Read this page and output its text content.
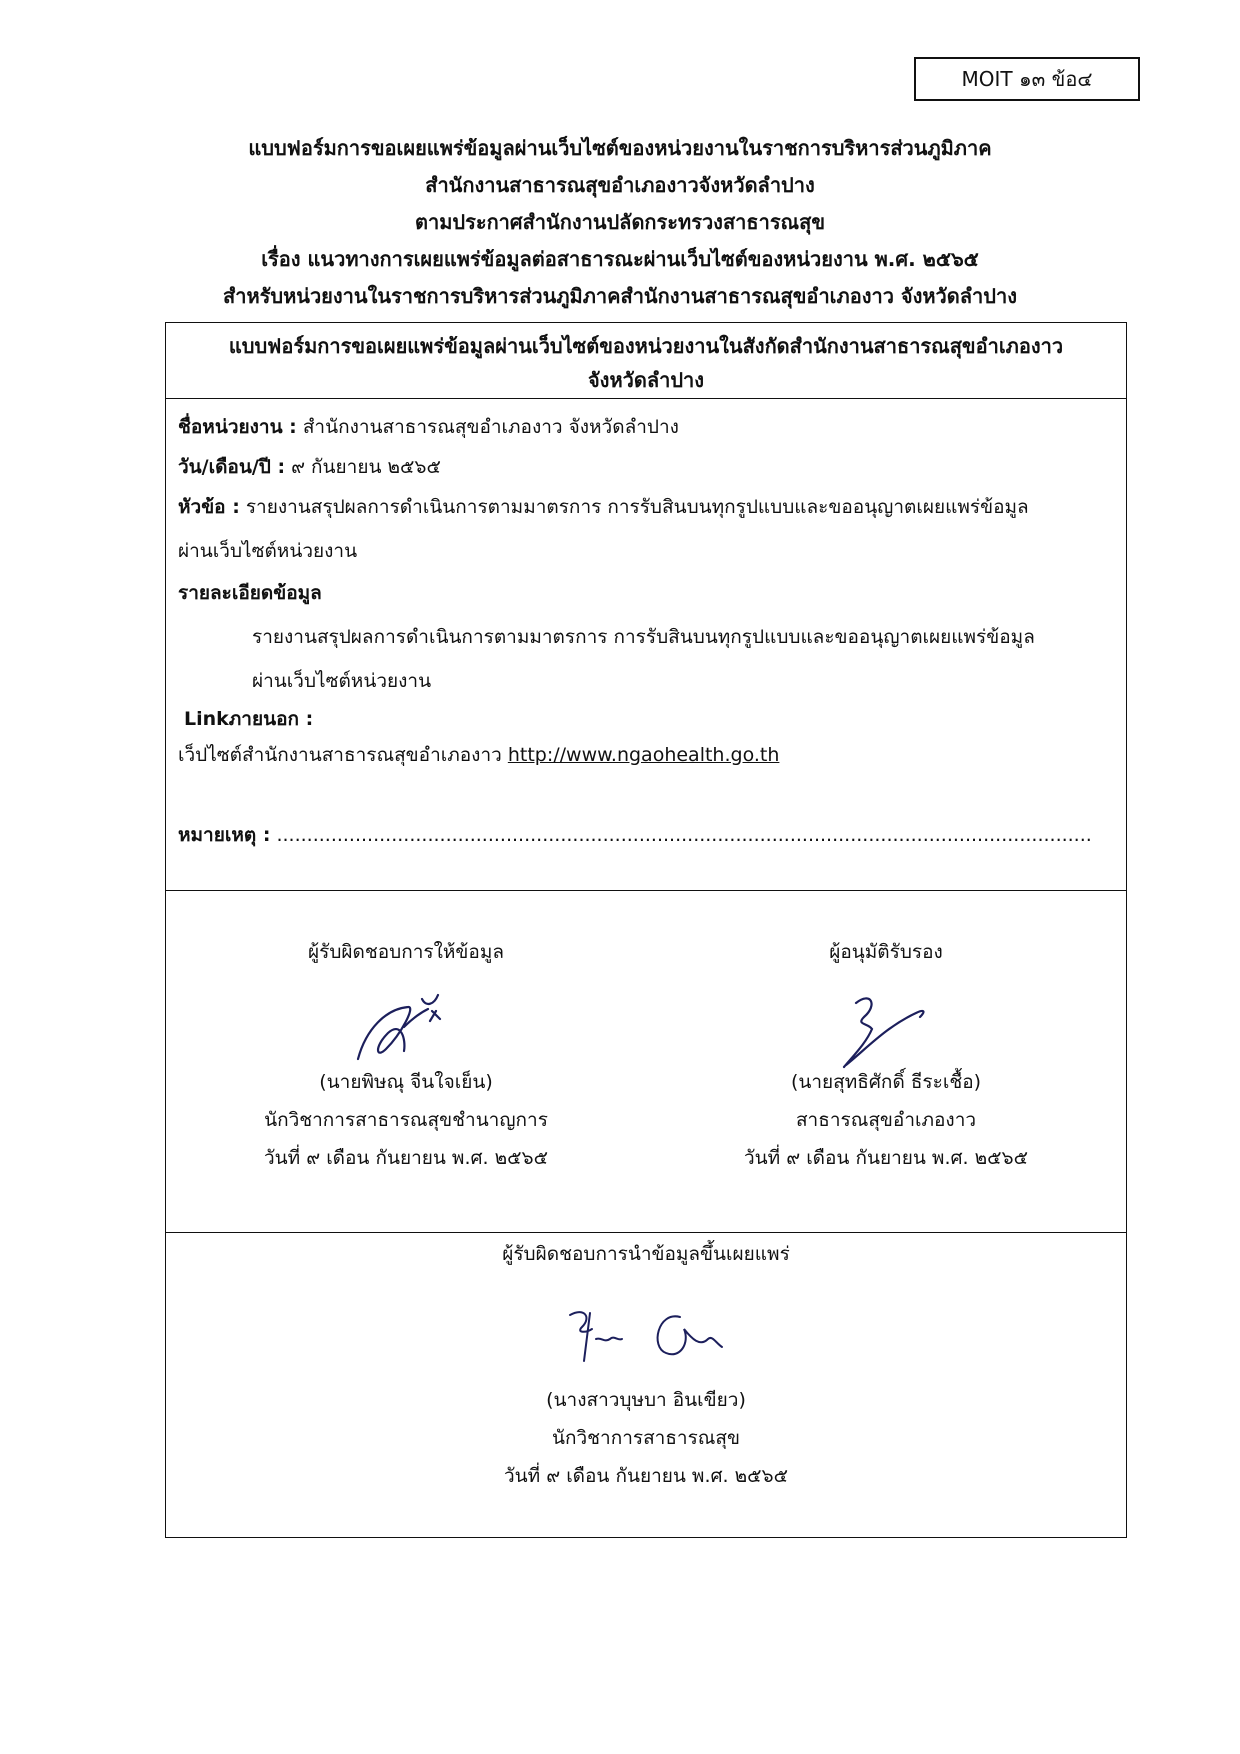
MOIT ๑๓ ข้อ๔
แบบฟอร์มการขอเผยแพร่ข้อมูลผ่านเว็บไซต์ของหน่วยงานในราชการบริหารส่วนภูมิภาค
สำนักงานสาธารณสุขอำเภองาวจังหวัดลำปาง
ตามประกาศสำนักงานปลัดกระทรวงสาธารณสุข
เรื่อง แนวทางการเผยแพร่ข้อมูลต่อสาธารณะผ่านเว็บไซต์ของหน่วยงาน พ.ศ. ๒๕๖๕
สำหรับหน่วยงานในราชการบริหารส่วนภูมิภาคสำนักงานสาธารณสุขอำเภองาว จังหวัดลำปาง
แบบฟอร์มการขอเผยแพร่ข้อมูลผ่านเว็บไซต์ของหน่วยงานในสังกัดสำนักงานสาธารณสุขอำเภองาว
จังหวัดลำปาง
ชื่อหน่วยงาน : สำนักงานสาธารณสุขอำเภองาว จังหวัดลำปาง
วัน/เดือน/ปี : ๙ กันยายน ๒๕๖๕
หัวข้อ : รายงานสรุปผลการดำเนินการตามมาตรการ การรับสินบนทุกรูปแบบและขออนุญาตเผยแพร่ข้อมูล
ผ่านเว็บไซต์หน่วยงาน
รายละเอียดข้อมูล
รายงานสรุปผลการดำเนินการตามมาตรการ การรับสินบนทุกรูปแบบและขออนุญาตเผยแพร่ข้อมูล
ผ่านเว็บไซต์หน่วยงาน
Linkภายนอก :
เว็ปไซต์สำนักงานสาธารณสุขอำเภองาว http://www.ngaohealth.go.th
หมายเหตุ : .......................................................................................................................................
ผู้รับผิดชอบการให้ข้อมูล
(นายพิษณุ จีนใจเย็น)
นักวิชาการสาธารณสุขชำนาญการ
วันที่ ๙ เดือน กันยายน พ.ศ. ๒๕๖๕
ผู้อนุมัติรับรอง
(นายสุทธิศักดิ์ ธีระเชื้อ)
สาธารณสุขอำเภองาว
วันที่ ๙ เดือน กันยายน พ.ศ. ๒๕๖๕
ผู้รับผิดชอบการนำข้อมูลขึ้นเผยแพร่
(นางสาวบุษบา อินเขียว)
นักวิชาการสาธารณสุข
วันที่ ๙ เดือน กันยายน พ.ศ. ๒๕๖๕
